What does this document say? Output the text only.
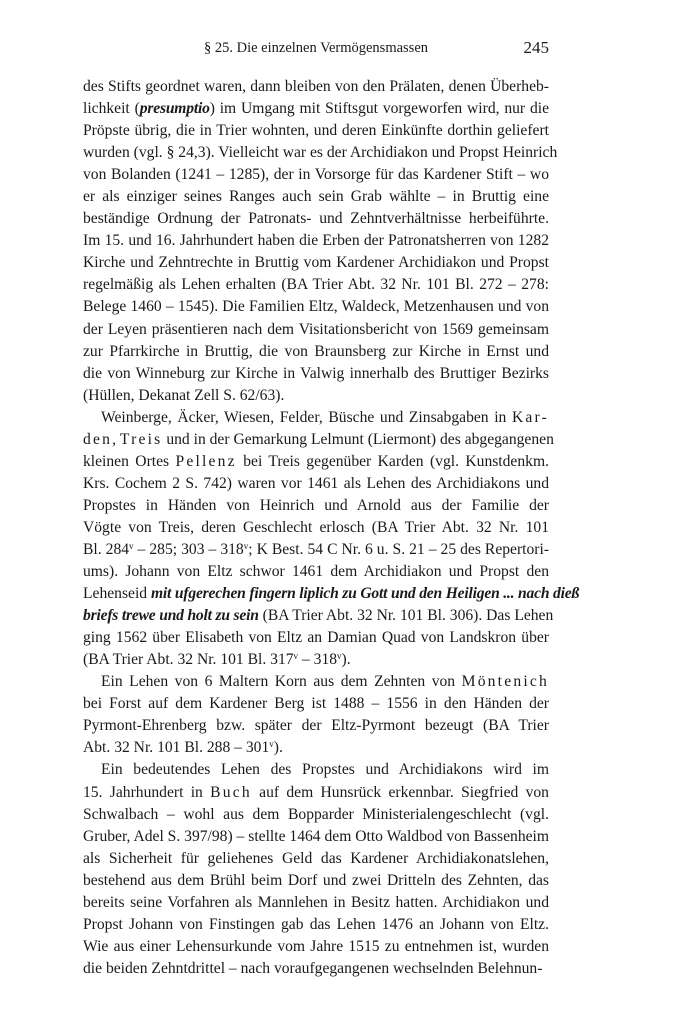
§ 25. Die einzelnen Vermögensmassen	245
des Stifts geordnet waren, dann bleiben von den Prälaten, denen Überheb-
lichkeit (presumptio) im Umgang mit Stiftsgut vorgeworfen wird, nur die
Pröpste übrig, die in Trier wohnten, und deren Einkünfte dorthin geliefert
wurden (vgl. § 24,3). Vielleicht war es der Archidiakon und Propst Heinrich
von Bolanden (1241 – 1285), der in Vorsorge für das Kardener Stift – wo
er als einziger seines Ranges auch sein Grab wählte – in Bruttig eine
beständige Ordnung der Patronats- und Zehntverhältnisse herbeiführte.
Im 15. und 16. Jahrhundert haben die Erben der Patronatsherren von 1282
Kirche und Zehntrechte in Bruttig vom Kardener Archidiakon und Propst
regelmäßig als Lehen erhalten (BA Trier Abt. 32 Nr. 101 Bl. 272 – 278:
Belege 1460 – 1545). Die Familien Eltz, Waldeck, Metzenhausen und von
der Leyen präsentieren nach dem Visitationsbericht von 1569 gemeinsam
zur Pfarrkirche in Bruttig, die von Braunsberg zur Kirche in Ernst und
die von Winneburg zur Kirche in Valwig innerhalb des Bruttiger Bezirks
(Hüllen, Dekanat Zell S. 62/63).
Weinberge, Äcker, Wiesen, Felder, Büsche und Zinsabgaben in Kar-
den, Treis und in der Gemarkung Lelmunt (Liermont) des abgegangenen
kleinen Ortes Pellenz bei Treis gegenüber Karden (vgl. Kunstdenkm.
Krs. Cochem 2 S. 742) waren vor 1461 als Lehen des Archidiakons und
Propstes in Händen von Heinrich und Arnold aus der Familie der
Vögte von Treis, deren Geschlecht erlosch (BA Trier Abt. 32 Nr. 101
Bl. 284$^v$ – 285; 303 – 318$^v$; K Best. 54 C Nr. 6 u. S. 21 – 25 des Repertori-
ums). Johann von Eltz schwor 1461 dem Archidiakon und Propst den
Lehenseid mit ufgerechen fingern liplich zu Gott und den Heiligen ... nach dieß
briefs trewe und holt zu sein (BA Trier Abt. 32 Nr. 101 Bl. 306). Das Lehen
ging 1562 über Elisabeth von Eltz an Damian Quad von Landskron über
(BA Trier Abt. 32 Nr. 101 Bl. 317$^v$ – 318$^v$).
Ein Lehen von 6 Maltern Korn aus dem Zehnten von Möntenich
bei Forst auf dem Kardener Berg ist 1488 – 1556 in den Händen der
Pyrmont-Ehrenberg bzw. später der Eltz-Pyrmont bezeugt (BA Trier
Abt. 32 Nr. 101 Bl. 288 – 301$^v$).
Ein bedeutendes Lehen des Propstes und Archidiakons wird im
15. Jahrhundert in Buch auf dem Hunsrück erkennbar. Siegfried von
Schwalbach – wohl aus dem Bopparder Ministerialengeschlecht (vgl.
Gruber, Adel S. 397/98) – stellte 1464 dem Otto Waldbod von Bassenheim
als Sicherheit für geliehenes Geld das Kardener Archidiakonatslehen,
bestehend aus dem Brühl beim Dorf und zwei Dritteln des Zehnten, das
bereits seine Vorfahren als Mannlehen in Besitz hatten. Archidiakon und
Propst Johann von Finstingen gab das Lehen 1476 an Johann von Eltz.
Wie aus einer Lehensurkunde vom Jahre 1515 zu entnehmen ist, wurden
die beiden Zehntdrittel – nach voraufgegangenen wechselnden Belehnun-
